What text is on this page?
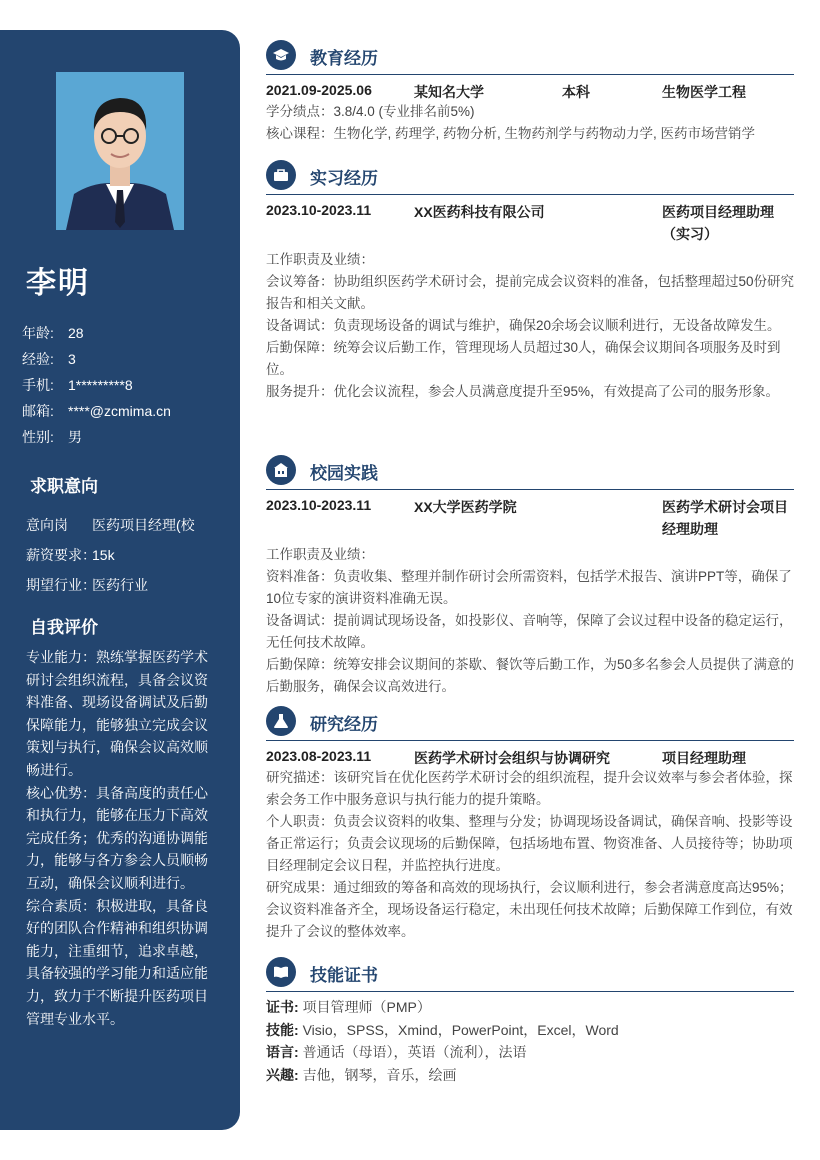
李明
年龄: 28
经验: 3
手机: 1*********8
邮箱: ****@zcmima.cn
性别: 男
求职意向
意向岗 医药项目经理(校
薪资要求：15k
期望行业：医药行业
自我评价

专业能力：熟练掌握医药学术研讨会组织流程，具备会议资料准备、现场设备调试及后勤保障能力，能够独立完成会议策划与执行，确保会议高效顺畅进行。

核心优势：具备高度的责任心和执行力，能够在压力下高效完成任务；优秀的沟通协调能力，能够与各方参会人员顺畅互动，确保会议顺利进行。

综合素质：积极进取，具备良好的团队合作精神和组织协调能力，注重细节，追求卓越，具备较强的学习能力和适应能力，致力于不断提升医药项目管理专业水平。

教育经历
2021.09-2025.06	某知名大学	本科	生物医学工程

学分绩点：3.8/4.0 (专业排名前5%)

核心课程：生物化学, 药理学, 药物分析, 生物药剂学与药物动力学, 医药市场营销学

实习经历
2023.10-2023.11	XX医药科技有限公司	医药项目经理助理
（实习）

工作职责及业绩：

会议筹备：协助组织医药学术研讨会，提前完成会议资料的准备，包括整理超过50份研究报告和相关文献。

设备调试：负责现场设备的调试与维护，确保20余场会议顺利进行，无设备故障发生。

后勤保障：统筹会议后勤工作，管理现场人员超过30人，确保会议期间各项服务及时到位。

服务提升：优化会议流程，参会人员满意度提升至95%，有效提高了公司的服务形象。

校园实践
2023.10-2023.11	XX大学医药学院	医药学术研讨会项目
经理助理

工作职责及业绩：

资料准备：负责收集、整理并制作研讨会所需资料，包括学术报告、演讲PPT等，确保了10位专家的演讲资料准确无误。

设备调试：提前调试现场设备，如投影仪、音响等，保障了会议过程中设备的稳定运行，无任何技术故障。

后勤保障：统筹安排会议期间的茶歇、餐饮等后勤工作，为50多名参会人员提供了满意的后勤服务，确保会议高效进行。

研究经历
2023.08-2023.11	医药学术研讨会组织与协调研究	项目经理助理

研究描述：该研究旨在优化医药学术研讨会的组织流程，提升会议效率与参会者体验，探索会务工作中服务意识与执行能力的提升策略。

个人职责：负责会议资料的收集、整理与分发；协调现场设备调试，确保音响、投影等设备正常运行；负责会议现场的后勤保障，包括场地布置、物资准备、人员接待等；协助项目经理制定会议日程，并监控执行进度。

研究成果：通过细致的筹备和高效的现场执行，会议顺利进行，参会者满意度高达95%；会议资料准备齐全，现场设备运行稳定，未出现任何技术故障；后勤保障工作到位，有效提升了会议的整体效率。

技能证书
证书: 项目管理师（PMP）
技能: Visio，SPSS，Xmind，PowerPoint，Excel，Word
语言: 普通话（母语），英语（流利），法语
兴趣: 吉他，钢琴，音乐，绘画
